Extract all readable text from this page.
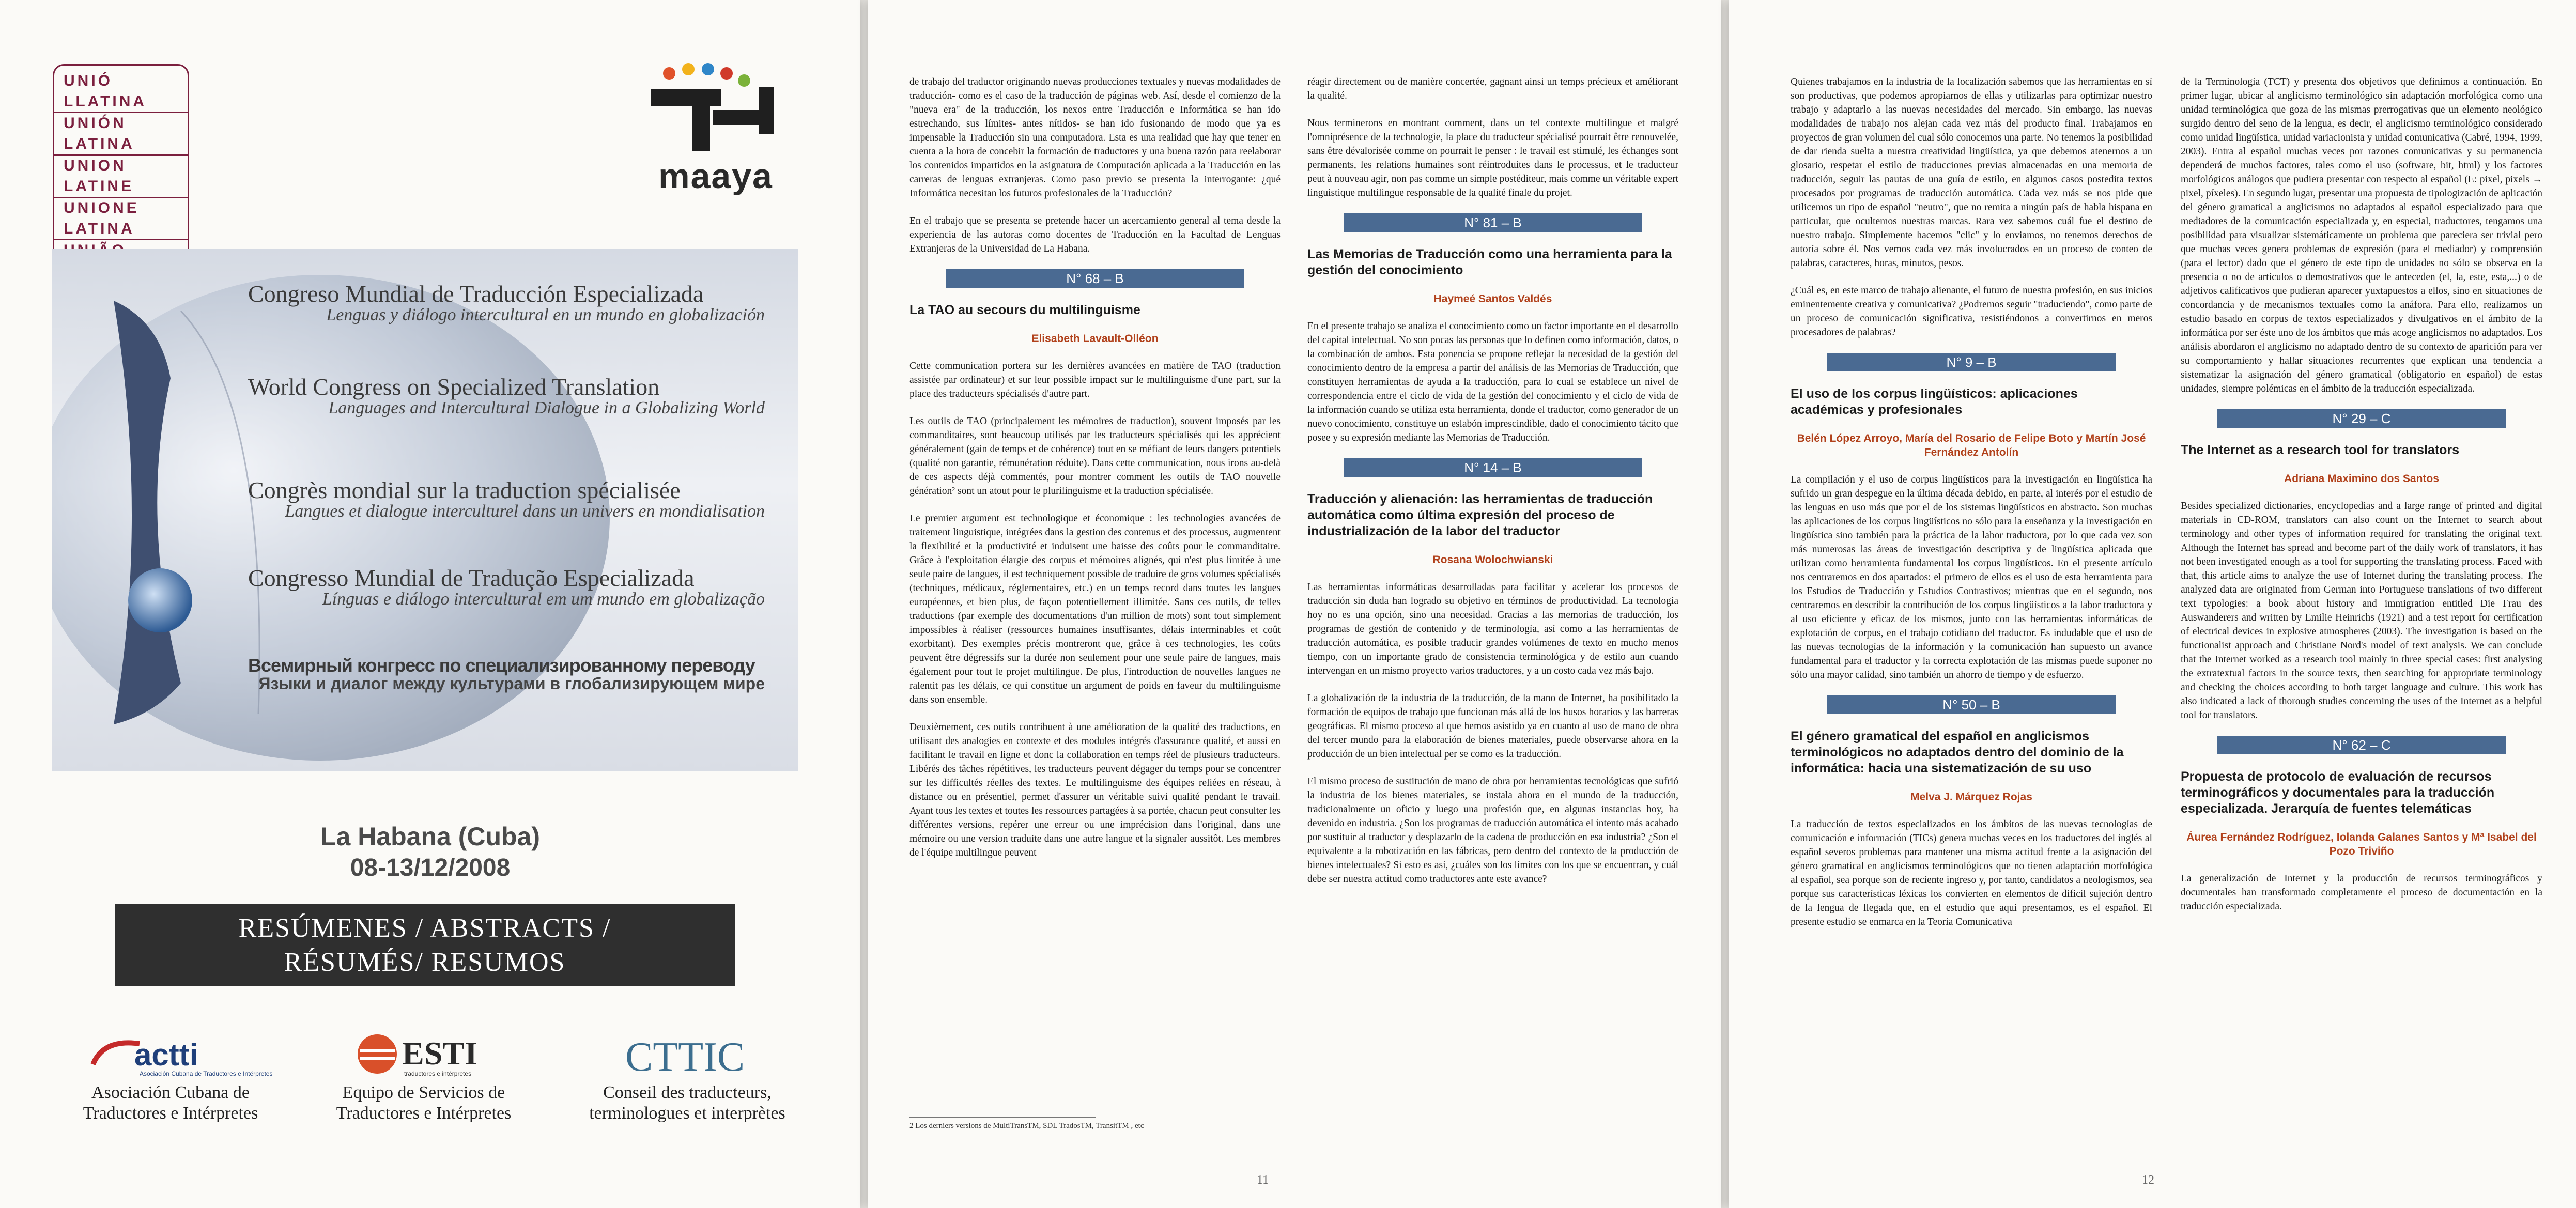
UNIÓ LLATINA
UNIÓN LATINA
UNION LATINE
UNIONE LATINA
maaya
Congreso Mundial de Traducción Especializada
Lenguas y diálogo intercultural en un mundo en globalización
World Congress on Specialized Translation
Languages and Intercultural Dialogue in a Globalizing World
Congrès mondial sur la traduction spécialisée
Langues et dialogue interculturel dans un univers en mondialisation
Congresso Mundial de Tradução Especializada
Línguas e diálogo intercultural em um mundo em globalização
Всемирный конгресс по специализированному переводу
Языки и диалог между культурами в глобализирующем мире
La Habana (Cuba)
08-13/12/2008
RESÚMENES / ABSTRACTS /
RÉSUMÉS/ RESUMOS
actti
Asociación Cubana de Traductores e Intérpretes
Asociación Cubana de Traductores e Intérpretes
ESTI
traductores e intérpretes
Equipo de Servicios de Traductores e Intérpretes
CTTIC
Conseil des traducteurs, terminologues et interprètes

de trabajo del traductor originando nuevas producciones textuales y nuevas modalidades de traducción- como es el caso de la traducción de páginas web. Así, desde el comienzo de la "nueva era" de la traducción, los nexos entre Traducción e Informática se han ido estrechando, sus límites- antes nítidos- se han ido fusionando de modo que ya es impensable la Traducción sin una computadora. Esta es una realidad que hay que tener en cuenta a la hora de concebir la formación de traductores y una buena razón para reelaborar los contenidos impartidos en la asignatura de Computación aplicada a la Traducción en las carreras de lenguas extranjeras. Como paso previo se presenta la interrogante: ¿qué Informática necesitan los futuros profesionales de la Traducción?

En el trabajo que se presenta se pretende hacer un acercamiento general al tema desde la experiencia de las autoras como docentes de Traducción en la Facultad de Lenguas Extranjeras de la Universidad de La Habana.

N° 68 – B
La TAO au secours du multilinguisme
Elisabeth Lavault-Olléon

Cette communication portera sur les dernières avancées en matière de TAO (traduction assistée par ordinateur) et sur leur possible impact sur le multilinguisme d'une part, sur la place des traducteurs spécialisés d'autre part.

Les outils de TAO (principalement les mémoires de traduction), souvent imposés par les commanditaires, sont beaucoup utilisés par les traducteurs spécialisés qui les apprécient généralement (gain de temps et de cohérence) tout en se méfiant de leurs dangers potentiels (qualité non garantie, rémunération réduite). Dans cette communication, nous irons au-delà de ces aspects déjà commentés, pour montrer comment les outils de TAO nouvelle génération² sont un atout pour le plurilinguisme et la traduction spécialisée.

Le premier argument est technologique et économique : les technologies avancées de traitement linguistique, intégrées dans la gestion des contenus et des processus, augmentent la flexibilité et la productivité et induisent une baisse des coûts pour le commanditaire. Grâce à l'exploitation élargie des corpus et mémoires alignés, qui n'est plus limitée à une seule paire de langues, il est techniquement possible de traduire de gros volumes spécialisés (techniques, médicaux, réglementaires, etc.) en un temps record dans toutes les langues européennes, et bien plus, de façon potentiellement illimitée. Sans ces outils, de telles traductions (par exemple des documentations d'un million de mots) sont tout simplement impossibles à réaliser (ressources humaines insuffisantes, délais interminables et coût exorbitant). Des exemples précis montreront que, grâce à ces technologies, les coûts peuvent être dégressifs sur la durée non seulement pour une seule paire de langues, mais également pour tout le projet multilingue. De plus, l'introduction de nouvelles langues ne ralentit pas les délais, ce qui constitue un argument de poids en faveur du multilinguisme dans son ensemble.

Deuxièmement, ces outils contribuent à une amélioration de la qualité des traductions, en utilisant des analogies en contexte et des modules intégrés d'assurance qualité, et aussi en facilitant le travail en ligne et donc la collaboration en temps réel de plusieurs traducteurs. Libérés des tâches répétitives, les traducteurs peuvent dégager du temps pour se concentrer sur les difficultés réelles des textes. Le multilinguisme des équipes reliées en réseau, à distance ou en présentiel, permet d'assurer un véritable suivi qualité pendant le travail. Ayant tous les textes et toutes les ressources partagées à sa portée, chacun peut consulter les différentes versions, repérer une erreur ou une imprécision dans l'original, dans une mémoire ou une version traduite dans une autre langue et la signaler aussitôt. Les membres de l'équipe multilingue peuvent

réagir directement ou de manière concertée, gagnant ainsi un temps précieux et améliorant la qualité.

Nous terminerons en montrant comment, dans un tel contexte multilingue et malgré l'omniprésence de la technologie, la place du traducteur spécialisé pourrait être renouvelée, sans être dévalorisée comme on pourrait le penser : le travail est stimulé, les échanges sont permanents, les relations humaines sont réintroduites dans le processus, et le traducteur peut à nouveau agir, non pas comme un simple postéditeur, mais comme un véritable expert linguistique multilingue responsable de la qualité finale du projet.

N° 81 – B
Las Memorias de Traducción como una herramienta para la gestión del conocimiento
Haymeé Santos Valdés

En el presente trabajo se analiza el conocimiento como un factor importante en el desarrollo del capital intelectual. No son pocas las personas que lo definen como información, datos, o la combinación de ambos. Esta ponencia se propone reflejar la necesidad de la gestión del conocimiento dentro de la empresa a partir del análisis de las Memorias de Traducción, que constituyen herramientas de ayuda a la traducción, para lo cual se establece un nivel de correspondencia entre el ciclo de vida de la gestión del conocimiento y el ciclo de vida de la información cuando se utiliza esta herramienta, donde el traductor, como generador de un nuevo conocimiento, constituye un eslabón imprescindible, dado el conocimiento tácito que posee y su expresión mediante las Memorias de Traducción.

N° 14 – B
Traducción y alienación: las herramientas de traducción automática como última expresión del proceso de industrialización de la labor del traductor
Rosana Wolochwianski

Las herramientas informáticas desarrolladas para facilitar y acelerar los procesos de traducción sin duda han logrado su objetivo en términos de productividad. La tecnología hoy no es una opción, sino una necesidad. Gracias a las memorias de traducción, los programas de gestión de contenido y de terminología, así como a las herramientas de traducción automática, es posible traducir grandes volúmenes de texto en mucho menos tiempo, con un importante grado de consistencia terminológica y de estilo aun cuando intervengan en un mismo proyecto varios traductores, y a un costo cada vez más bajo.

La globalización de la industria de la traducción, de la mano de Internet, ha posibilitado la formación de equipos de trabajo que funcionan más allá de los husos horarios y las barreras geográficas. El mismo proceso al que hemos asistido ya en cuanto al uso de mano de obra del tercer mundo para la elaboración de bienes materiales, puede observarse ahora en la producción de un bien intelectual per se como es la traducción.

El mismo proceso de sustitución de mano de obra por herramientas tecnológicas que sufrió la industria de los bienes materiales, se instala ahora en el mundo de la traducción, tradicionalmente un oficio y luego una profesión que, en algunas instancias hoy, ha devenido en industria. ¿Son los programas de traducción automática el intento más acabado por sustituir al traductor y desplazarlo de la cadena de producción en esa industria? ¿Son el equivalente a la robotización en las fábricas, pero dentro del contexto de la producción de bienes intelectuales? Si esto es así, ¿cuáles son los límites con los que se encuentran, y cuál debe ser nuestra actitud como traductores ante este avance?

2 Los derniers versions de MultiTransTM, SDL TradosTM, TransitTM , etc
11

Quienes trabajamos en la industria de la localización sabemos que las herramientas en sí son productivas, que podemos apropiarnos de ellas y utilizarlas para optimizar nuestro trabajo y adaptarlo a las nuevas necesidades del mercado. Sin embargo, las nuevas modalidades de trabajo nos alejan cada vez más del producto final. Trabajamos en proyectos de gran volumen del cual sólo conocemos una parte. No tenemos la posibilidad de dar rienda suelta a nuestra creatividad lingüística, ya que debemos atenernos a un glosario, respetar el estilo de traducciones previas almacenadas en una memoria de traducción, seguir las pautas de una guía de estilo, en algunos casos postedita textos procesados por programas de traducción automática. Cada vez más se nos pide que utilicemos un tipo de español "neutro", que no remita a ningún país de habla hispana en particular, que ocultemos nuestras marcas. Rara vez sabemos cuál fue el destino de nuestro trabajo. Simplemente hacemos "clic" y lo enviamos, no tenemos derechos de autoría sobre él. Nos vemos cada vez más involucrados en un proceso de conteo de palabras, caracteres, horas, minutos, pesos.

¿Cuál es, en este marco de trabajo alienante, el futuro de nuestra profesión, en sus inicios eminentemente creativa y comunicativa? ¿Podremos seguir "traduciendo", como parte de un proceso de comunicación significativa, resistiéndonos a convertirnos en meros procesadores de palabras?

N° 9 – B
El uso de los corpus lingüísticos: aplicaciones académicas y profesionales
Belén López Arroyo, María del Rosario de Felipe Boto y Martín José Fernández Antolín

La compilación y el uso de corpus lingüísticos para la investigación en lingüística ha sufrido un gran despegue en la última década debido, en parte, al interés por el estudio de las lenguas en uso más que por el de los sistemas lingüísticos en abstracto. Son muchas las aplicaciones de los corpus lingüísticos no sólo para la enseñanza y la investigación en lingüística sino también para la práctica de la labor traductora, por lo que cada vez son más numerosas las áreas de investigación descriptiva y de lingüística aplicada que utilizan como herramienta fundamental los corpus lingüísticos. En el presente artículo nos centraremos en dos apartados: el primero de ellos es el uso de esta herramienta para los Estudios de Traducción y Estudios Contrastivos; mientras que en el segundo, nos centraremos en describir la contribución de los corpus lingüísticos a la labor traductora y al uso eficiente y eficaz de los mismos, junto con las herramientas informáticas de explotación de corpus, en el trabajo cotidiano del traductor. Es indudable que el uso de las nuevas tecnologías de la información y la comunicación han supuesto un avance fundamental para el traductor y la correcta explotación de las mismas puede suponer no sólo una mayor calidad, sino también un ahorro de tiempo y de esfuerzo.

N° 50 – B
El género gramatical del español en anglicismos terminológicos no adaptados dentro del dominio de la informática: hacia una sistematización de su uso
Melva J. Márquez Rojas

La traducción de textos especializados en los ámbitos de las nuevas tecnologías de comunicación e información (TICs) genera muchas veces en los traductores del inglés al español severos problemas para mantener una misma actitud frente a la asignación del género gramatical en anglicismos terminológicos que no tienen adaptación morfológica al español, sea porque son de reciente ingreso y, por tanto, candidatos a neologismos, sea porque sus características léxicas los convierten en elementos de difícil sujeción dentro de la lengua de llegada que, en el estudio que aquí presentamos, es el español. El presente estudio se enmarca en la Teoría Comunicativa

de la Terminología (TCT) y presenta dos objetivos que definimos a continuación. En primer lugar, ubicar al anglicismo terminológico sin adaptación morfológica como una unidad terminológica que goza de las mismas prerrogativas que un elemento neológico surgido dentro del seno de la lengua, es decir, el anglicismo terminológico considerado como unidad lingüística, unidad variacionista y unidad comunicativa (Cabré, 1994, 1999, 2003). Entra al español muchas veces por razones comunicativas y su permanencia dependerá de muchos factores, tales como el uso (software, bit, html) y los factores morfológicos análogos que pudiera presentar con respecto al español (E: pixel, pixels → pixel, píxeles). En segundo lugar, presentar una propuesta de tipologización de aplicación del género gramatical a anglicismos no adaptados al español especializado para que mediadores de la comunicación especializada y, en especial, traductores, tengamos una posibilidad para visualizar sistemáticamente un problema que pareciera ser trivial pero que muchas veces genera problemas de expresión (para el mediador) y comprensión (para el lector) dado que el género de este tipo de unidades no sólo se observa en la presencia o no de artículos o demostrativos que le anteceden (el, la, este, esta,...) o de adjetivos calificativos que pudieran aparecer yuxtapuestos a ellos, sino en situaciones de concordancia y de mecanismos textuales como la anáfora. Para ello, realizamos un estudio basado en corpus de textos especializados y divulgativos en el ámbito de la informática por ser éste uno de los ámbitos que más acoge anglicismos no adaptados. Los análisis abordaron el anglicismo no adaptado dentro de su contexto de aparición para ver su comportamiento y hallar situaciones recurrentes que explican una tendencia a sistematizar la asignación del género gramatical (obligatorio en español) de estas unidades, siempre polémicas en el ámbito de la traducción especializada.

N° 29 – C
The Internet as a research tool for translators
Adriana Maximino dos Santos

Besides specialized dictionaries, encyclopedias and a large range of printed and digital materials in CD-ROM, translators can also count on the Internet to search about terminology and other types of information required for translating the original text. Although the Internet has spread and become part of the daily work of translators, it has not been investigated enough as a tool for supporting the translating process. Faced with that, this article aims to analyze the use of Internet during the translating process. The analyzed data are originated from German into Portuguese translations of two different text typologies: a book about history and immigration entitled Die Frau des Auswanderers and written by Emilie Heinrichs (1921) and a test report for certification of electrical devices in explosive atmospheres (2003). The investigation is based on the functionalist approach and Christiane Nord's model of text analysis. We can conclude that the Internet worked as a research tool mainly in three special cases: first analysing the extratextual factors in the source texts, then searching for appropriate terminology and checking the choices according to both target language and culture. This work has also indicated a lack of thorough studies concerning the uses of the Internet as a helpful tool for translators.

N° 62 – C
Propuesta de protocolo de evaluación de recursos terminográficos y documentales para la traducción especializada. Jerarquía de fuentes telemáticas
Áurea Fernández Rodríguez, Iolanda Galanes Santos y Mª Isabel del Pozo Triviño

La generalización de Internet y la producción de recursos terminográficos y documentales han transformado completamente el proceso de documentación en la traducción especializada.

12
